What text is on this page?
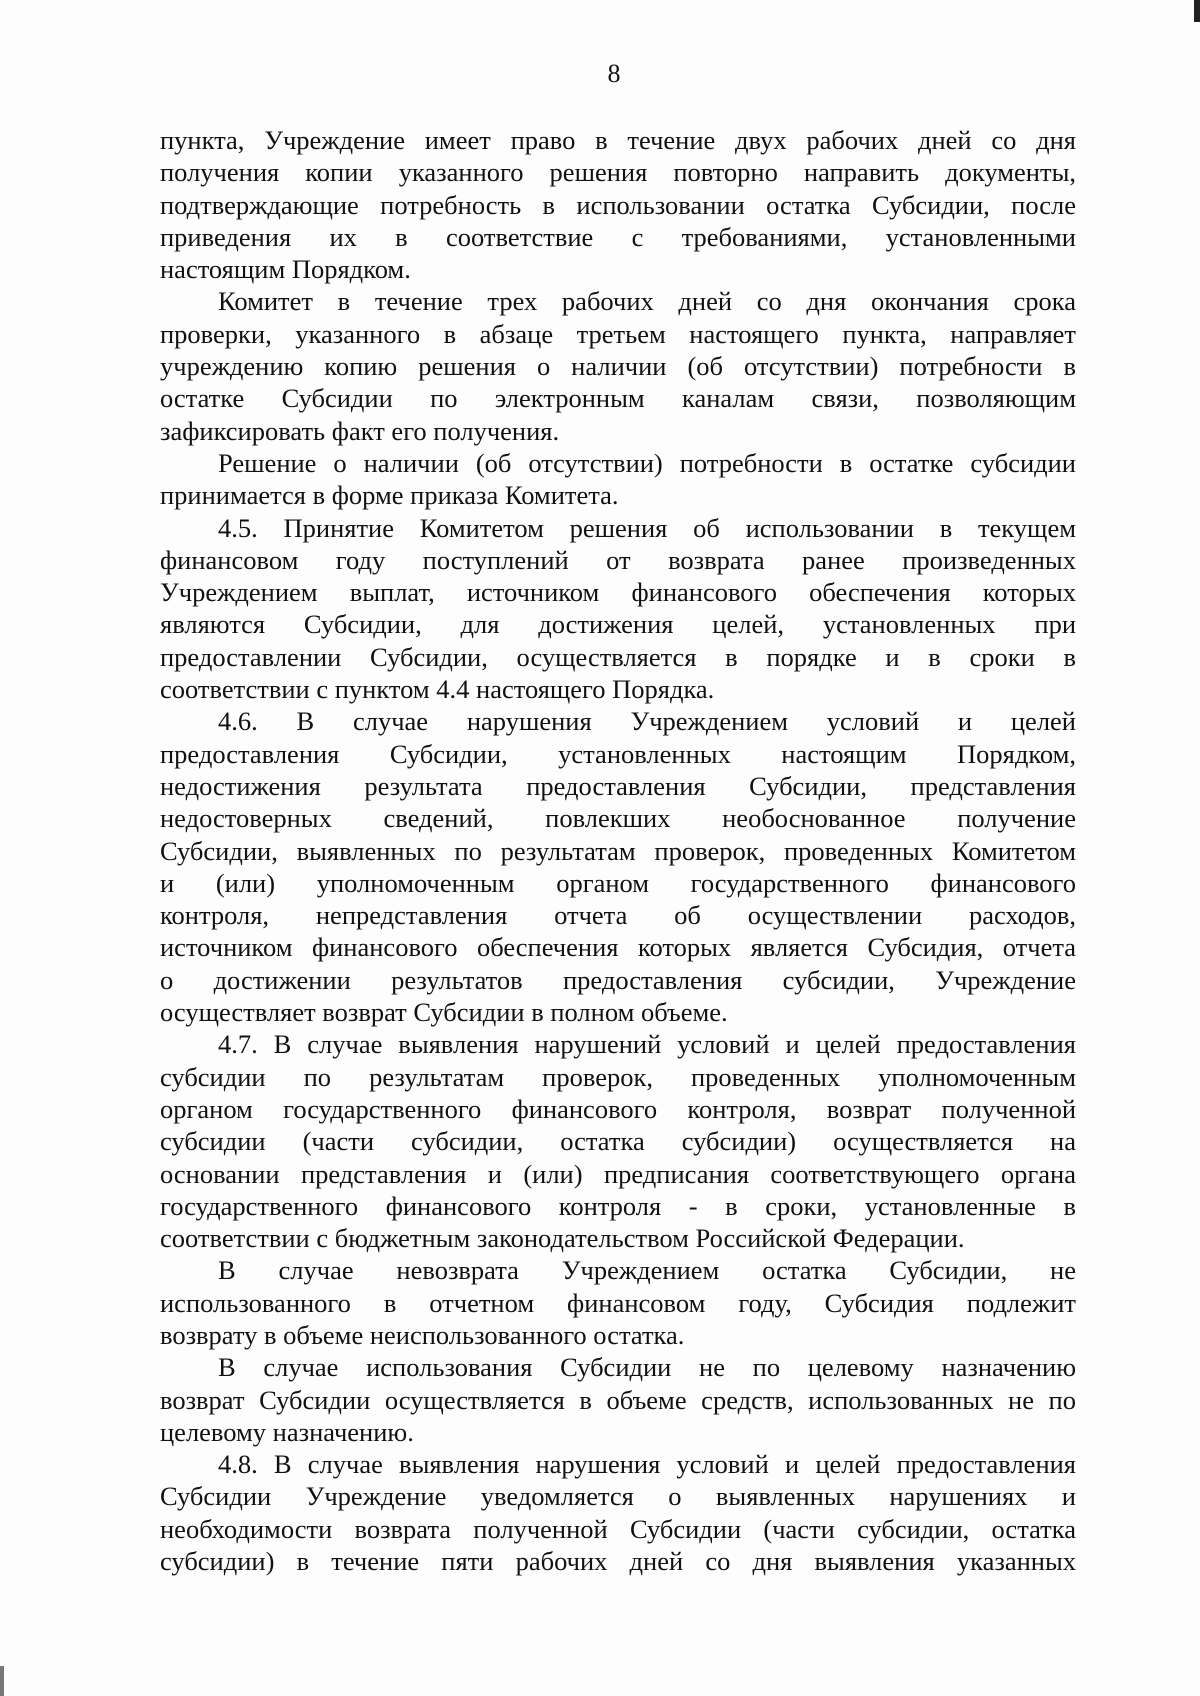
8

пункта, Учреждение имеет право в течение двух рабочих дней со дня
получения копии указанного решения повторно направить документы,
подтверждающие потребность в использовании остатка Субсидии, после
приведения их в соответствие с требованиями, установленными
настоящим Порядком.

Комитет в течение трех рабочих дней со дня окончания срока
проверки, указанного в абзаце третьем настоящего пункта, направляет
учреждению копию решения о наличии (об отсутствии) потребности в
остатке Субсидии по электронным каналам связи, позволяющим
зафиксировать факт его получения.

Решение о наличии (об отсутствии) потребности в остатке субсидии
принимается в форме приказа Комитета.

4.5. Принятие Комитетом решения об использовании в текущем
финансовом году поступлений от возврата ранее произведенных
Учреждением выплат, источником финансового обеспечения которых
являются Субсидии, для достижения целей, установленных при
предоставлении Субсидии, осуществляется в порядке и в сроки в
соответствии с пунктом 4.4 настоящего Порядка.

4.6. В случае нарушения Учреждением условий и целей
предоставления Субсидии, установленных настоящим Порядком,
недостижения результата предоставления Субсидии, представления
недостоверных сведений, повлекших необоснованное получение
Субсидии, выявленных по результатам проверок, проведенных Комитетом
и (или) уполномоченным органом государственного финансового
контроля, непредставления отчета об осуществлении расходов,
источником финансового обеспечения которых является Субсидия, отчета
о достижении результатов предоставления субсидии, Учреждение
осуществляет возврат Субсидии в полном объеме.

4.7. В случае выявления нарушений условий и целей предоставления
субсидии по результатам проверок, проведенных уполномоченным
органом государственного финансового контроля, возврат полученной
субсидии (части субсидии, остатка субсидии) осуществляется на
основании представления и (или) предписания соответствующего органа
государственного финансового контроля - в сроки, установленные в
соответствии с бюджетным законодательством Российской Федерации.

В случае невозврата Учреждением остатка Субсидии, не
использованного в отчетном финансовом году, Субсидия подлежит
возврату в объеме неиспользованного остатка.

В случае использования Субсидии не по целевому назначению
возврат Субсидии осуществляется в объеме средств, использованных не по
целевому назначению.

4.8. В случае выявления нарушения условий и целей предоставления
Субсидии Учреждение уведомляется о выявленных нарушениях и
необходимости возврата полученной Субсидии (части субсидии, остатка
субсидии) в течение пяти рабочих дней со дня выявления указанных
